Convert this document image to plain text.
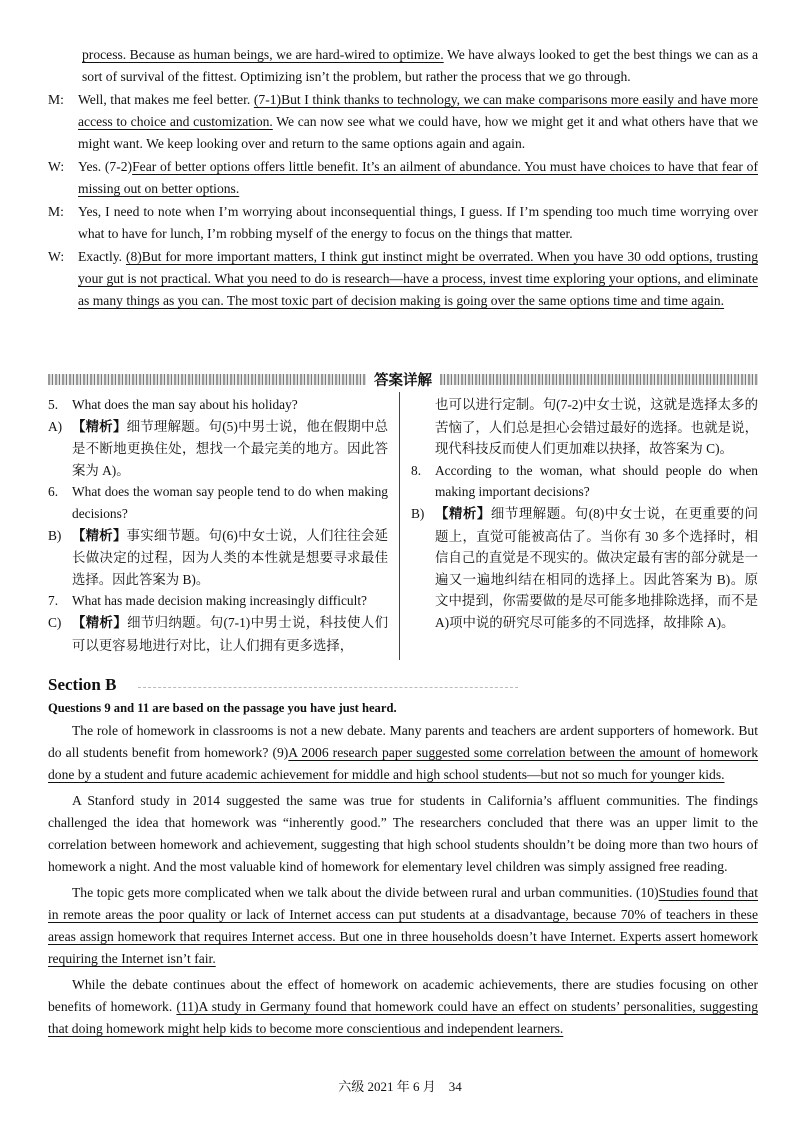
process. Because as human beings, we are hard-wired to optimize. We have always looked to get the best things we can as a sort of survival of the fittest. Optimizing isn’t the problem, but rather the process that we go through.
M:	Well, that makes me feel better. (7-1)But I think thanks to technology, we can make comparisons more easily and have more access to choice and customization. We can now see what we could have, how we might get it and what others have that we might want. We keep looking over and return to the same options again and again.
W:	Yes. (7-2)Fear of better options offers little benefit. It’s an ailment of abundance. You must have choices to have that fear of missing out on better options.
M:	Yes, I need to note when I’m worrying about inconsequential things, I guess. If I’m spending too much time worrying over what to have for lunch, I’m robbing myself of the energy to focus on the things that matter.
W:	Exactly. (8)But for more important matters, I think gut instinct might be overrated. When you have 30 odd options, trusting your gut is not practical. What you need to do is research—have a process, invest time exploring your options, and eliminate as many things as you can. The most toxic part of decision making is going over the same options time and time again.
答案详解
5.	What does the man say about his holiday?
A) 【精析】细节理解题。句(5)中男士说，他在假期中总是不断地更换住处，想找一个最完美的地方。因此答案为 A)。
6.	What does the woman say people tend to do when making decisions?
B) 【精析】事实细节题。句(6)中女士说，人们往往会延长做决定的过程，因为人类的本性就是想要寻求最佳选择。因此答案为 B)。
7.	What has made decision making increasingly difficult?
C) 【精析】细节归纳题。句(7-1)中男士说，科技使人们可以更容易地进行对比，让人们拥有更多选择，
也可以进行定制。句(7-2)中女士说，这就是选择太多的苦恼了，人们总是担心会错过最好的选择。也就是说，现代科技反而使人们更加难以抉择，故答案为 C)。
8.	According to the woman, what should people do when making important decisions?
B) 【精析】细节理解题。句(8)中女士说，在更重要的问题上，直觉可能被高估了。当你有 30 多个选择时，相信自己的直觉是不现实的。做决定最有害的部分就是一遍又一遍地纠结在相同的选择上。因此答案为 B)。原文中提到，你需要做的是尽可能多地排除选择，而不是 A)项中说的研究尽可能多的不同选择，故排除 A)。
Section B
Questions 9 and 11 are based on the passage you have just heard.

The role of homework in classrooms is not a new debate. Many parents and teachers are ardent supporters of homework. But do all students benefit from homework? (9)A 2006 research paper suggested some correlation between the amount of homework done by a student and future academic achievement for middle and high school students—but not so much for younger kids.

A Stanford study in 2014 suggested the same was true for students in California’s affluent communities. The findings challenged the idea that homework was “inherently good.” The researchers concluded that there was an upper limit to the correlation between homework and achievement, suggesting that high school students shouldn’t be doing more than two hours of homework a night. And the most valuable kind of homework for elementary level children was simply assigned free reading.

The topic gets more complicated when we talk about the divide between rural and urban communities. (10)Studies found that in remote areas the poor quality or lack of Internet access can put students at a disadvantage, because 70% of teachers in these areas assign homework that requires Internet access. But one in three households doesn’t have Internet. Experts assert homework requiring the Internet isn’t fair.

While the debate continues about the effect of homework on academic achievements, there are studies focusing on other benefits of homework. (11)A study in Germany found that homework could have an effect on students’ personalities, suggesting that doing homework might help kids to become more conscientious and independent learners.

六级 2021 年 6 月　34
